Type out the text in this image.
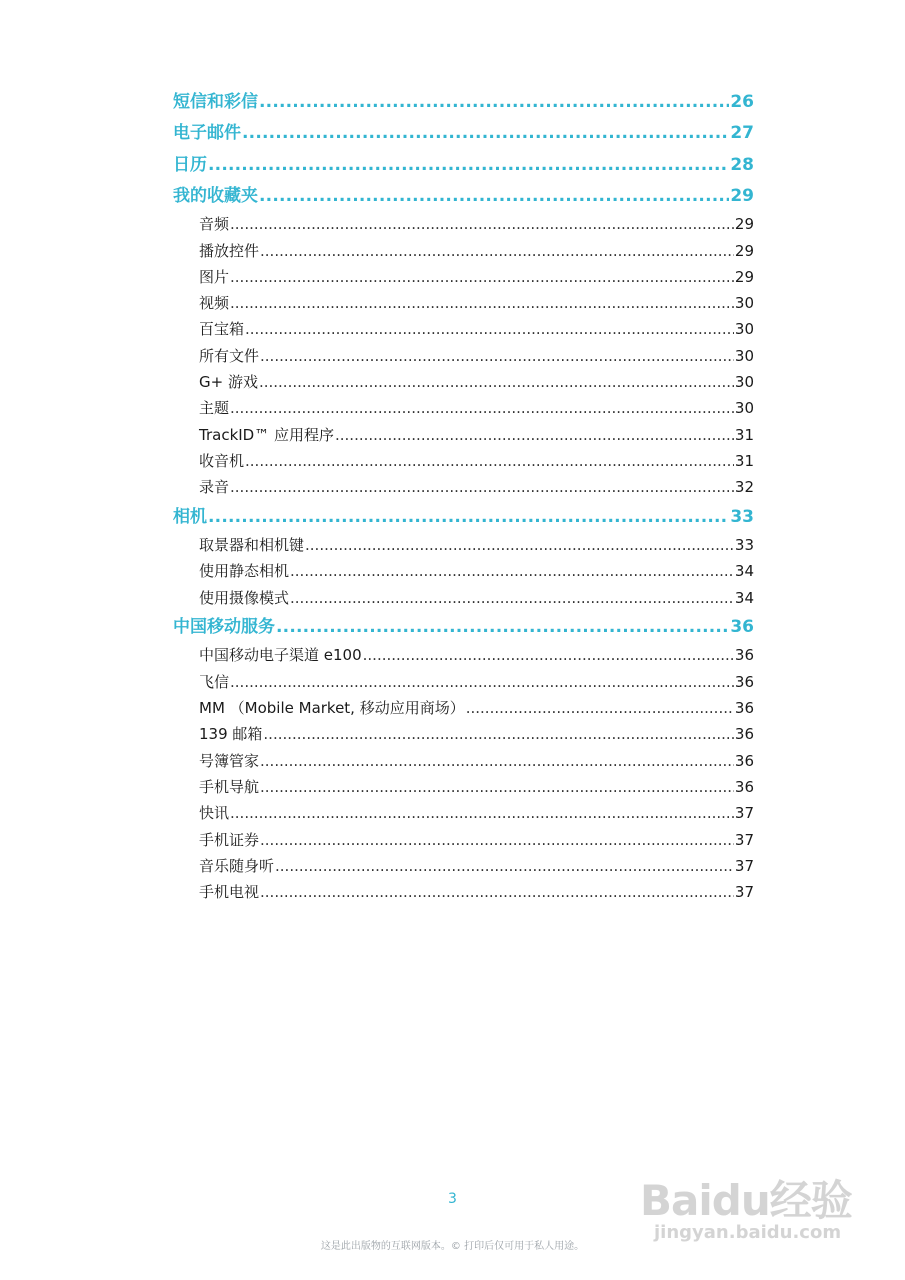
短信和彩信 .....	26
电子邮件 .....	27
日历 .....	28
我的收藏夹 .....	29
音频 .....	29
播放控件 .....	29
图片 .....	29
视频 .....	30
百宝箱 .....	30
所有文件 .....	30
G+ 游戏 .....	30
主题 .....	30
TrackID™ 应用程序 .....	31
收音机 .....	31
录音 .....	32
相机 .....	33
取景器和相机键 .....	33
使用静态相机 .....	34
使用摄像模式 .....	34
中国移动服务 .....	36
中国移动电子渠道 e100 .....	36
飞信 .....	36
MM （Mobile Market, 移动应用商场） .....	36
139 邮箱 .....	36
号簿管家 .....	36
手机导航 .....	36
快讯 .....	37
手机证券 .....	37
音乐随身听 .....	37
手机电视 .....	37
3
这是此出版物的互联网版本。© 打印后仅可用于私人用途。
Baidu经验
jingyan.baidu.com
